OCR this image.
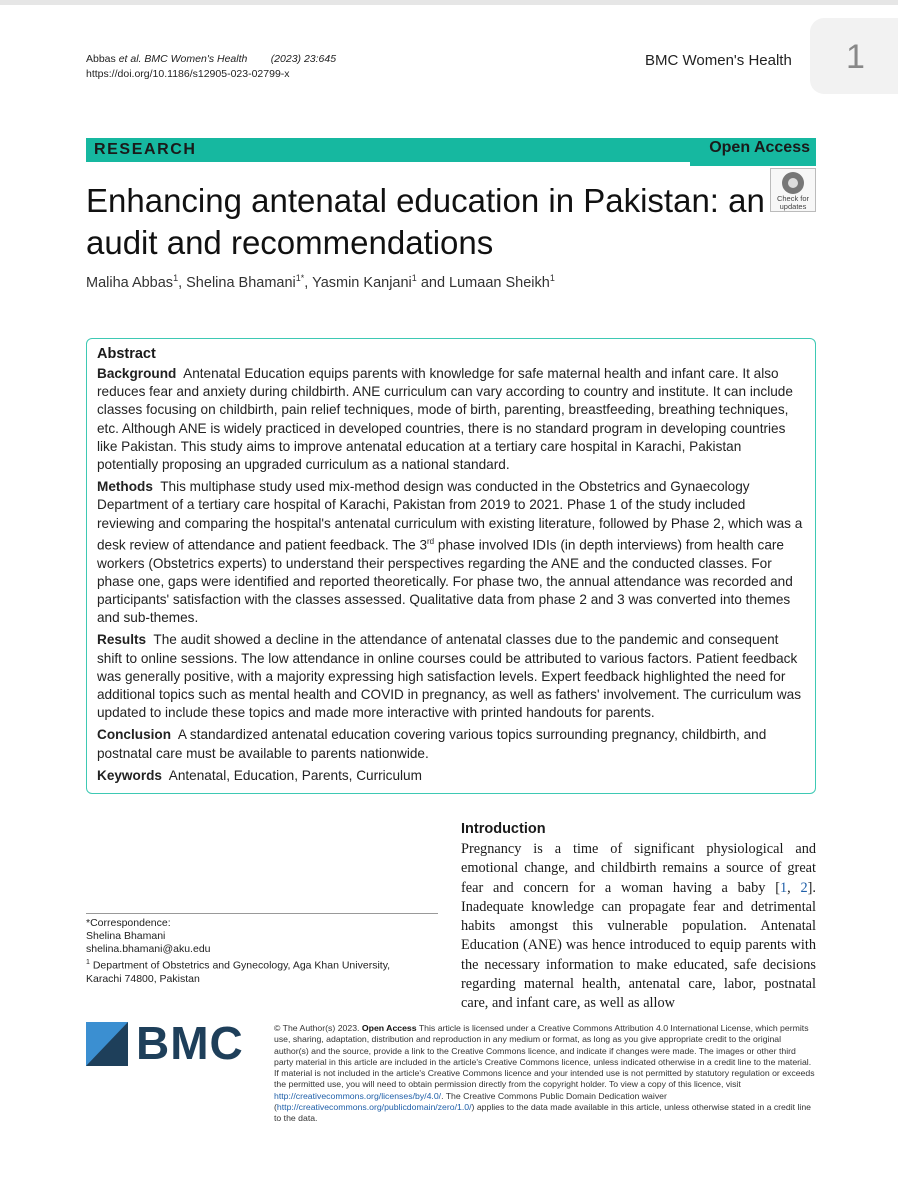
Abbas et al. BMC Women's Health (2023) 23:645
https://doi.org/10.1186/s12905-023-02799-x
BMC Women's Health	1
RESEARCH	Open Access
Enhancing antenatal education in Pakistan: an audit and recommendations
Check for
updates
Maliha Abbas$^1$, Shelina Bhamani$^{1*}$, Yasmin Kanjani$^1$ and Lumaan Sheikh$^1$
Abstract

Background Antenatal Education equips parents with knowledge for safe maternal health and infant care. It also reduces fear and anxiety during childbirth. ANE curriculum can vary according to country and institute. It can include classes focusing on childbirth, pain relief techniques, mode of birth, parenting, breastfeeding, breathing techniques, etc. Although ANE is widely practiced in developed countries, there is no standard program in developing countries like Pakistan. This study aims to improve antenatal education at a tertiary care hospital in Karachi, Pakistan potentially proposing an upgraded curriculum as a national standard.

Methods This multiphase study used mix-method design was conducted in the Obstetrics and Gynaecology Department of a tertiary care hospital of Karachi, Pakistan from 2019 to 2021. Phase 1 of the study included reviewing and comparing the hospital's antenatal curriculum with existing literature, followed by Phase 2, which was a desk review of attendance and patient feedback. The 3rd phase involved IDIs (in depth interviews) from health care workers (Obstetrics experts) to understand their perspectives regarding the ANE and the conducted classes. For phase one, gaps were identified and reported theoretically. For phase two, the annual attendance was recorded and participants' satisfaction with the classes assessed. Qualitative data from phase 2 and 3 was converted into themes and sub-themes.

Results The audit showed a decline in the attendance of antenatal classes due to the pandemic and consequent shift to online sessions. The low attendance in online courses could be attributed to various factors. Patient feedback was generally positive, with a majority expressing high satisfaction levels. Expert feedback highlighted the need for additional topics such as mental health and COVID in pregnancy, as well as fathers' involvement. The curriculum was updated to include these topics and made more interactive with printed handouts for parents.

Conclusion A standardized antenatal education covering various topics surrounding pregnancy, childbirth, and postnatal care must be available to parents nationwide.

Keywords Antenatal, Education, Parents, Curriculum

Introduction
Pregnancy is a time of significant physiological and emotional change, and childbirth remains a source of great fear and concern for a woman having a baby [1, 2]. Inadequate knowledge can propagate fear and detrimental habits amongst this vulnerable population. Antenatal Education (ANE) was hence introduced to equip parents with the necessary information to make educated, safe decisions regarding maternal health, antenatal care, labor, postnatal care, and infant care, as well as allow
*Correspondence:
Shelina Bhamani
shelina.bhamani@aku.edu
$^1$ Department of Obstetrics and Gynecology, Aga Khan University,
Karachi 74800, Pakistan
BMC	© The Author(s) 2023. Open Access This article is licensed under a Creative Commons Attribution 4.0 International License, which permits use, sharing, adaptation, distribution and reproduction in any medium or format, as long as you give appropriate credit to the original author(s) and the source, provide a link to the Creative Commons licence, and indicate if changes were made. The images or other third party material in this article are included in the article's Creative Commons licence, unless indicated otherwise in a credit line to the material. If material is not included in the article's Creative Commons licence and your intended use is not permitted by statutory regulation or exceeds the permitted use, you will need to obtain permission directly from the copyright holder. To view a copy of this licence, visit http://creativecommons.org/licenses/by/4.0/. The Creative Commons Public Domain Dedication waiver (http://creativecommons.org/publicdomain/zero/1.0/) applies to the data made available in this article, unless otherwise stated in a credit line to the data.
